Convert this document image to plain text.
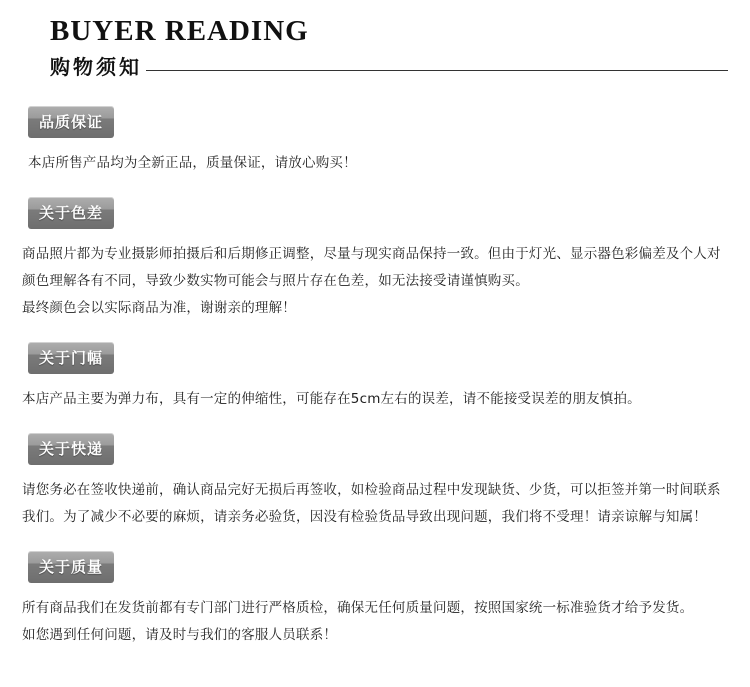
BUYER READING
购物须知
品质保证

本店所售产品均为全新正品，质量保证，请放心购买！

关于色差

商品照片都为专业摄影师拍摄后和后期修正调整，尽量与现实商品保持一致。但由于灯光、显示器色彩偏差及个人对颜色理解各有不同，导致少数实物可能会与照片存在色差，如无法接受请谨慎购买。

最终颜色会以实际商品为准，谢谢亲的理解！

关于门幅

本店产品主要为弹力布，具有一定的伸缩性，可能存在5cm左右的误差，请不能接受误差的朋友慎拍。

关于快递

请您务必在签收快递前，确认商品完好无损后再签收，如检验商品过程中发现缺货、少货，可以拒签并第一时间联系我们。为了减少不必要的麻烦，请亲务必验货，因没有检验货品导致出现问题，我们将不受理！请亲谅解与知属！

关于质量

所有商品我们在发货前都有专门部门进行严格质检，确保无任何质量问题，按照国家统一标准验货才给予发货。

如您遇到任何问题，请及时与我们的客服人员联系！
